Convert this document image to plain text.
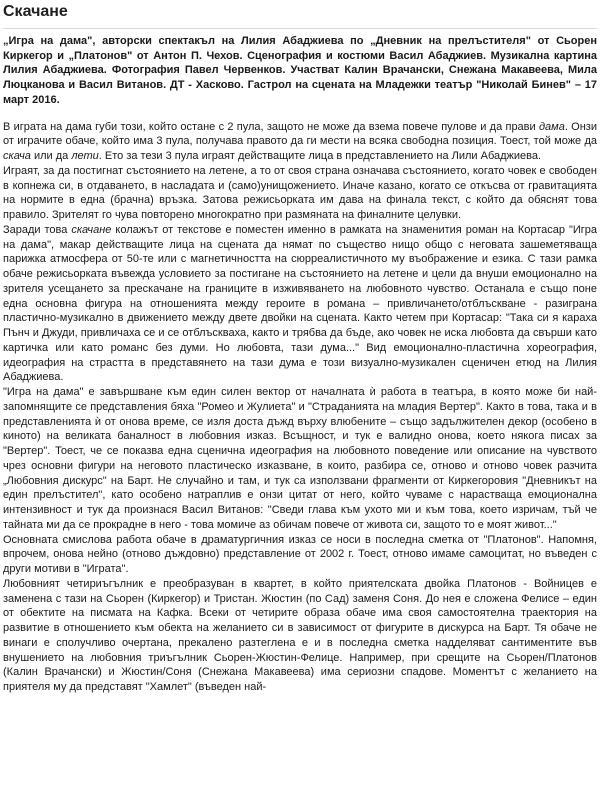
Скачане

„Игра на дама", авторски спектакъл на Лилия Абаджиева по „Дневник на прелъстителя" от Сьорен Киркегор и „Платонов" от Антон П. Чехов. Сценография и костюми Васил Абаджиев. Музикална картина Лилия Абаджиева. Фотография Павел Червенков. Участват Калин Врачански, Снежана Макавеева, Мила Люцканова и Васил Витанов. ДТ - Хасково. Гастрол на сцената на Младежки театър "Николай Бинев" – 17 март 2016.

В играта на дама губи този, който остане с 2 пула, защото не може да взема повече пулове и да прави дама. Онзи от играчите обаче, който има 3 пула, получава правото да ги мести на всяка свободна позиция. Тоест, той може да скача или да лети. Ето за тези 3 пула играят действащите лица в представлението на Лили Абаджиева.

Играят, за да постигнат състоянието на летене, а то от своя страна означава състоянието, когато човек е свободен в копнежа си, в отдаването, в насладата и (само)унищожението. Иначе казано, когато се откъсва от гравитацията на нормите в една (брачна) връзка. Затова режисьорката им дава на финала текст, с който да обяснят това правило. Зрителят го чува повторено многократно при размяната на финалните целувки.

Заради това скачане колажът от текстове е поместен именно в рамката на знаменития роман на Кортасар "Игра на дама", макар действащите лица на сцената да нямат по същество нищо общо с неговата зашеметяваща парижка атмосфера от 50-те или с магнетичността на сюрреалистичното му въображение и езика. С тази рамка обаче режисьорката въвежда условието за постигане на състоянието на летене и цели да внуши емоционално на зрителя усещането за прескачане на границите в изживяването на любовното чувство. Останала е също поне една основна фигура на отношенията между героите в романа – привличането/отблъскване - разиграна пластично-музикално в движението между двете двойки на сцената. Както четем при Кортасар: "Така си я караха Пънч и Джуди, привличаха се и се отблъскваха, както и трябва да бъде, ако човек не иска любовта да свърши като картичка или като романс без думи. Но любовта, тази дума..." Вид емоционално-пластична хореография, идеография на страстта в представянето на тази дума е този визуално-музикален сценичен етюд на Лилия Абаджиева.

"Игра на дама" е завършване към един силен вектор от началната ѝ работа в театъра, в която може би най-запомнящите се представления бяха "Ромео и Жулиета" и "Страданията на младия Вертер". Както в това, така и в представленията ѝ от онова време, се изля доста дъжд върху влюбените – също задължителен декор (особено в киното) на великата баналност в любовния изказ. Всъщност, и тук е валидно онова, което някога писах за "Вертер". Тоест, че се показва една сценична идеография на любовното поведение или описание на чувството чрез основни фигури на неговото пластическо изказване, в които, разбира се, отново и отново човек разчита „Любовния дискурс" на Барт. Не случайно и там, и тук са използвани фрагменти от Киркегоровия "Дневникът на един прелъстител", като особено натраплив е онзи цитат от него, който чуваме с нарастваща емоционална интензивност и тук да произнася Васил Витанов: "Сведи глава към ухото ми и към това, което изричам, тъй че тайната ми да се прокрадне в него - това момиче аз обичам повече от живота си, защото то е моят живот..."

Основната смислова работа обаче в драматургичния изказ се носи в последна сметка от "Платонов". Напомня, впрочем, онова нейно (отново дъждовно) представление от 2002 г. Тоест, отново имаме самоцитат, но въведен с други мотиви в "Играта".

Любовният четириъгълник е преобразуван в квартет, в който приятелската двойка Платонов - Войницев е заменена с тази на Сьорен (Киркегор) и Тристан. Жюстин (по Сад) заменя Соня. До нея е сложена Фелисе – един от обектите на писмата на Кафка. Всеки от четирите образа обаче има своя самостоятелна траектория на развитие в отношението към обекта на желанието си в зависимост от фигурите в дискурса на Барт. Тя обаче не винаги е сполучливо очертана, прекалено разтеглена е и в последна сметка надделяват сантиментите във внушението на любовния триъгълник Сьорен-Жюстин-Фелице. Например, при срещите на Сьорен/Платонов (Калин Врачански) и Жюстин/Соня (Снежана Макавеева) има сериозни спадове. Моментът с желанието на приятеля му да представят "Хамлет" (въведен най-
